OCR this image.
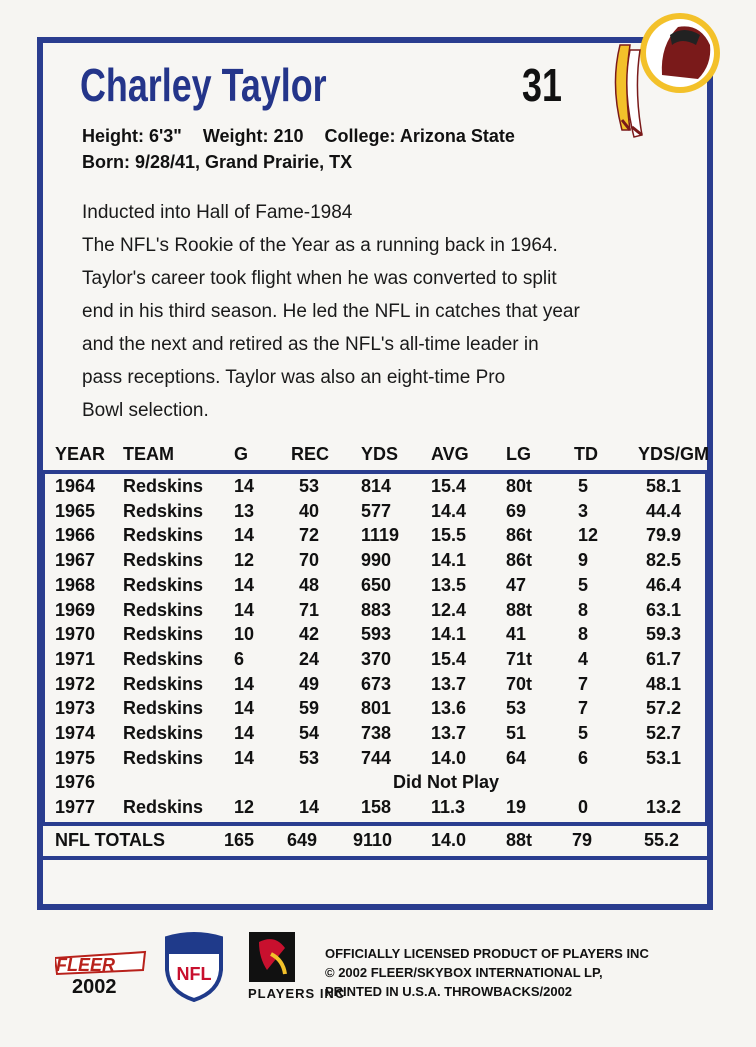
Charley Taylor	31
Height: 6'3" Weight: 210 College: Arizona State
Born: 9/28/41, Grand Prairie, TX
Inducted into Hall of Fame-1984
The NFL's Rookie of the Year as a running back in 1964.
Taylor's career took flight when he was converted to split
end in his third season. He led the NFL in catches that year
and the next and retired as the NFL's all-time leader in
pass receptions. Taylor was also an eight-time Pro
Bowl selection.
YEAR TEAM	G REC YDS AVG LG TD YDS/GM
1964 Redskins 14 53 814 15.4 80t	5	58.1
1965 Redskins 13 40 577 14.4 69	3	44.4
1966 Redskins 14 72 1119 15.5 86t	12	79.9
1967 Redskins 12 70 990 14.1 86t	9	82.5
1968 Redskins 14 48 650 13.5 47	5	46.4
1969 Redskins 14 71 883 12.4 88t	8	63.1
1970 Redskins 10 42 593 14.1 41	8	59.3
1971 Redskins 6	24 370 15.4 71t	4	61.7
1972 Redskins 14 49 673 13.7 70t	7	48.1
1973 Redskins 14 59 801 13.6 53	7	57.2
1974 Redskins 14 54 738 13.7 51	5	52.7
1975 Redskins 14 53 744 14.0 64	6	53.1
1976	Did Not Play
1977 Redskins 12 14 158 11.3 19	0	13.2
NFL TOTALS	165 649 9110 14.0 88t 79	55.2
FLEER
2002
NFL
PLAYERS INC
OFFICIALLY LICENSED PRODUCT OF PLAYERS INC
© 2002 FLEER/SKYBOX INTERNATIONAL LP,
PRINTED IN U.S.A. THROWBACKS/2002
